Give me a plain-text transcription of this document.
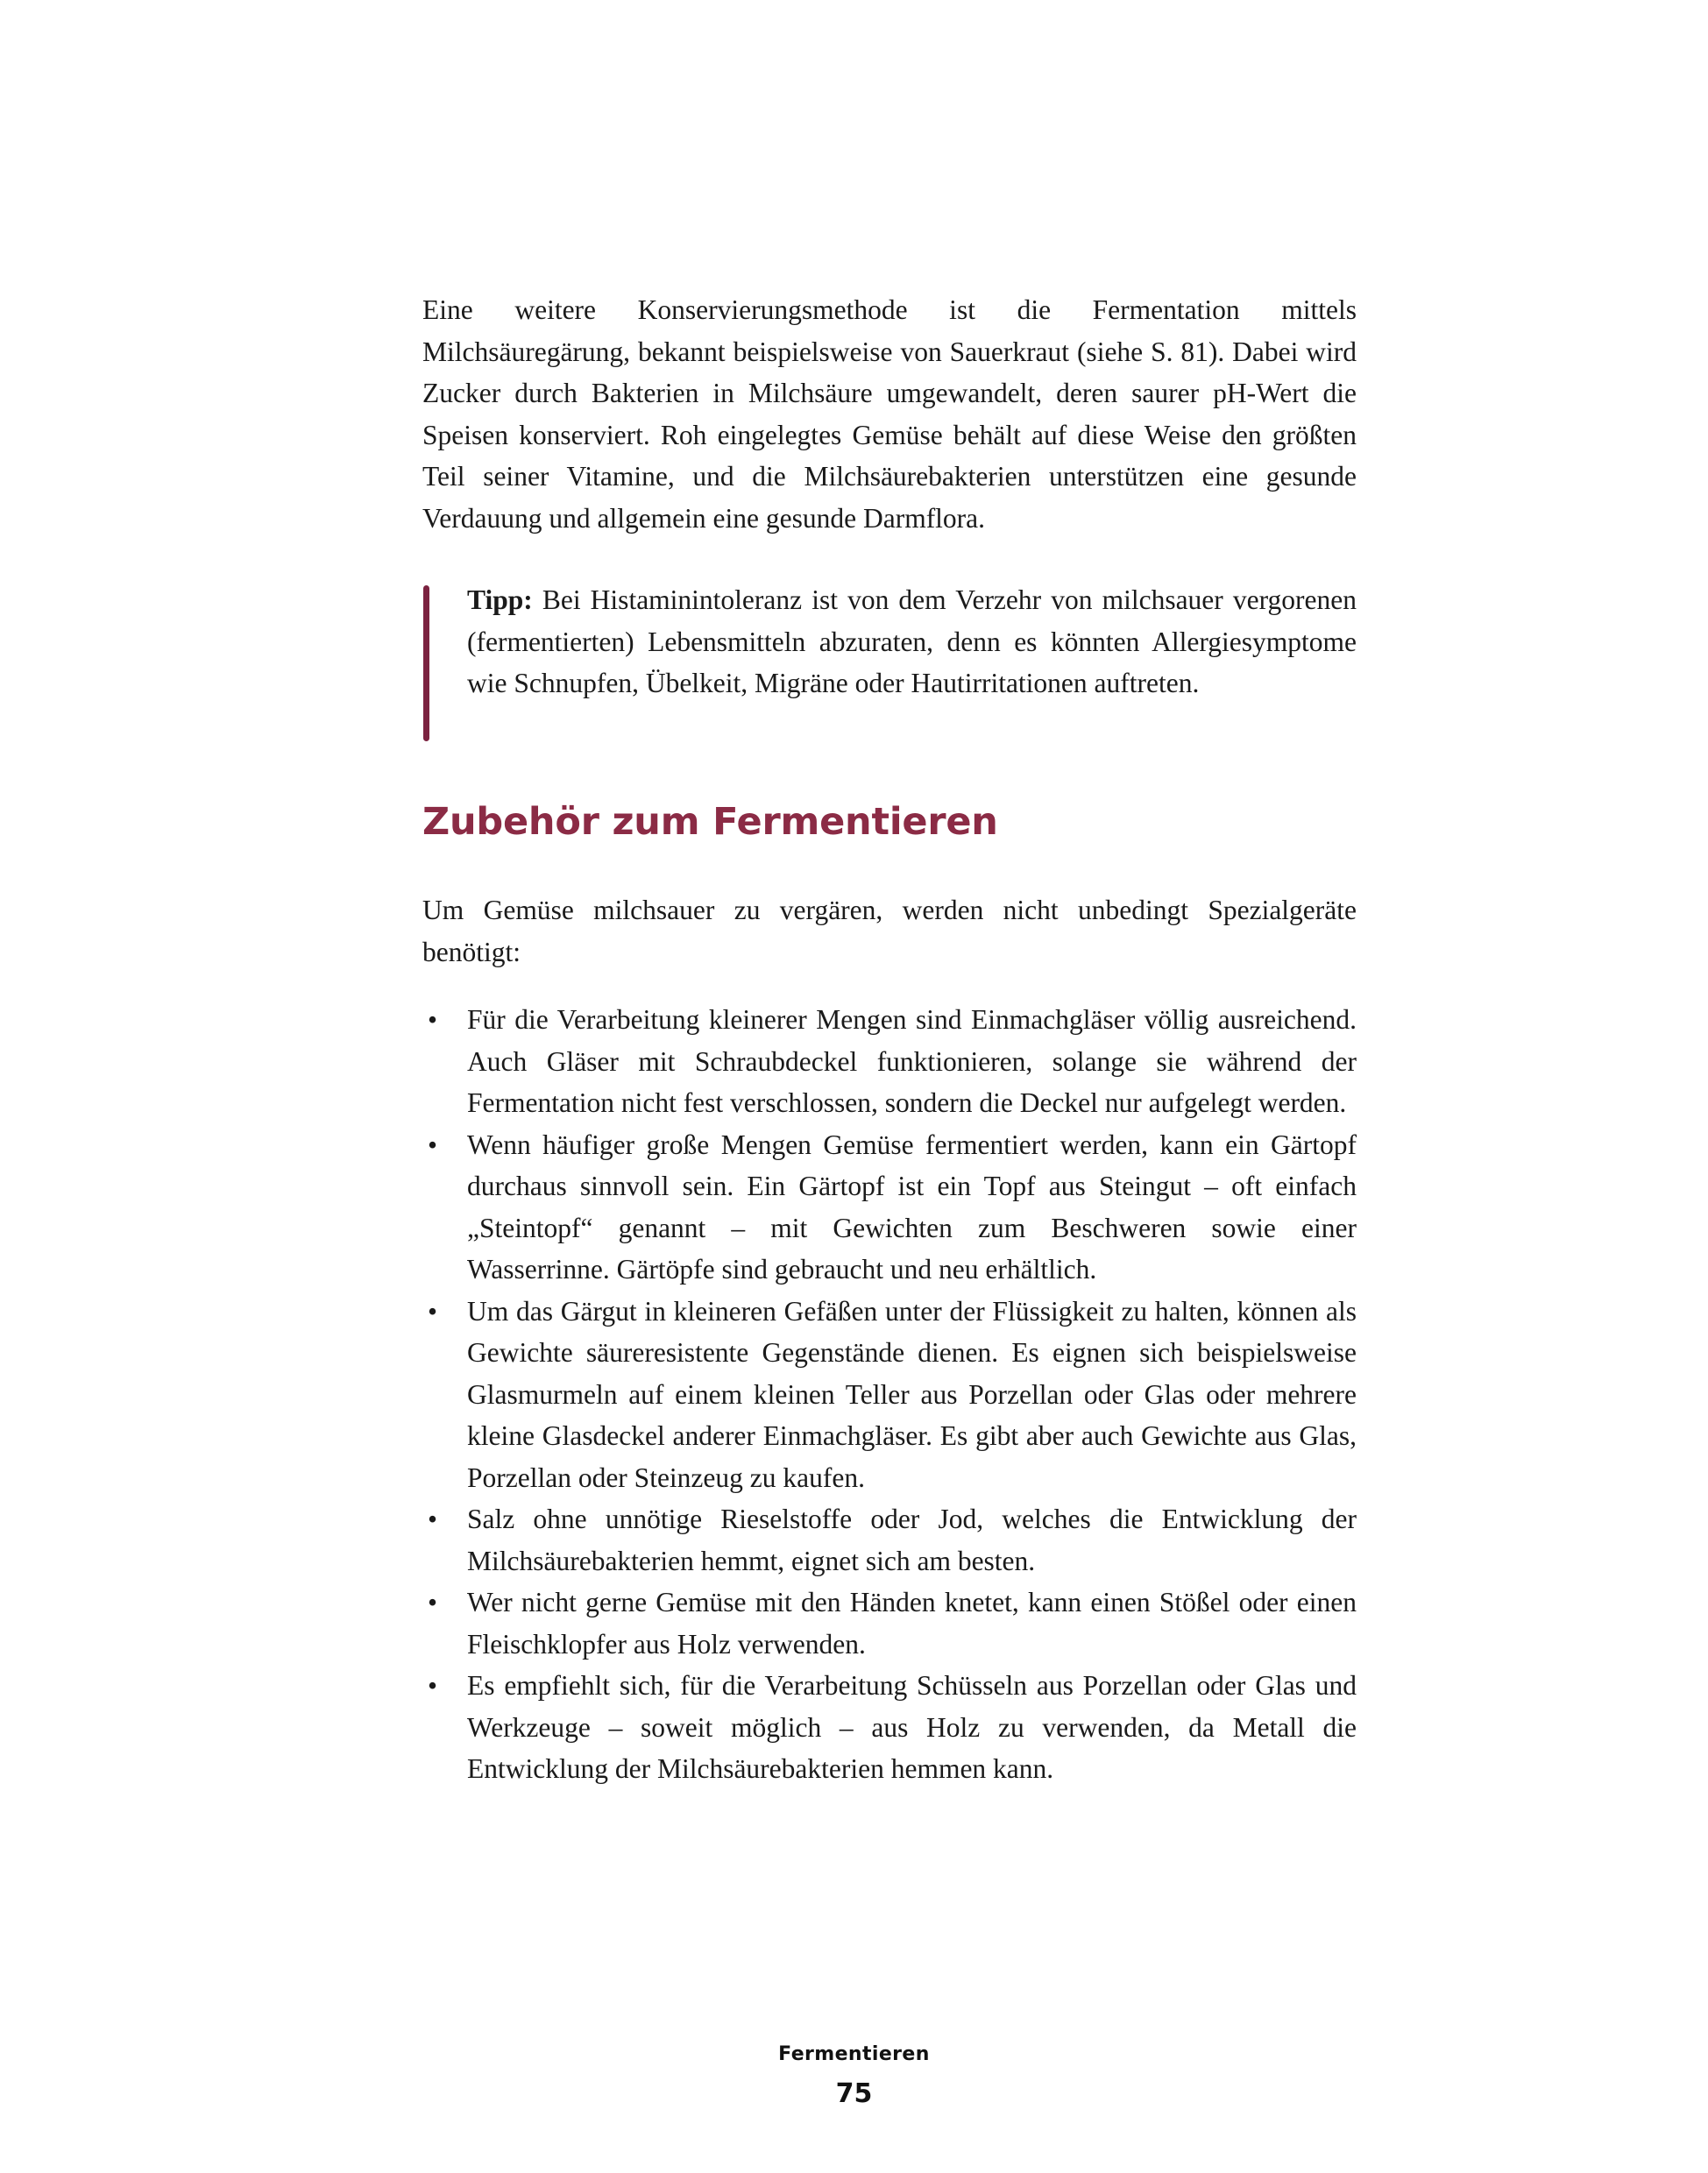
Eine weitere Konservierungsmethode ist die Fermentation mittels Milchsäuregärung, bekannt beispielsweise von Sauerkraut (siehe S. 81). Dabei wird Zucker durch Bakterien in Milchsäure umgewandelt, deren saurer pH-Wert die Speisen konserviert. Roh eingelegtes Gemüse behält auf diese Weise den größten Teil seiner Vitamine, und die Milchsäurebakterien unterstützen eine gesunde Verdauung und allgemein eine gesunde Darmflora.

Tipp: Bei Histaminintoleranz ist von dem Verzehr von milchsauer vergorenen (fermentierten) Lebensmitteln abzuraten, denn es könnten Allergiesymptome wie Schnupfen, Übelkeit, Migräne oder Hautirritationen auftreten.

Zubehör zum Fermentieren

Um Gemüse milchsauer zu vergären, werden nicht unbedingt Spezialgeräte benötigt:

• Für die Verarbeitung kleinerer Mengen sind Einmachgläser völlig ausreichend. Auch Gläser mit Schraubdeckel funktionieren, solange sie während der Fermentation nicht fest verschlossen, sondern die Deckel nur aufgelegt werden.
• Wenn häufiger große Mengen Gemüse fermentiert werden, kann ein Gärtopf durchaus sinnvoll sein. Ein Gärtopf ist ein Topf aus Steingut – oft einfach „Steintopf“ genannt – mit Gewichten zum Beschweren sowie einer Wasserrinne. Gärtöpfe sind gebraucht und neu erhältlich.
• Um das Gärgut in kleineren Gefäßen unter der Flüssigkeit zu halten, können als Gewichte säureresistente Gegenstände dienen. Es eignen sich beispielsweise Glasmurmeln auf einem kleinen Teller aus Porzellan oder Glas oder mehrere kleine Glasdeckel anderer Einmachgläser. Es gibt aber auch Gewichte aus Glas, Porzellan oder Steinzeug zu kaufen.
• Salz ohne unnötige Rieselstoffe oder Jod, welches die Entwicklung der Milchsäurebakterien hemmt, eignet sich am besten.
• Wer nicht gerne Gemüse mit den Händen knetet, kann einen Stößel oder einen Fleischklopfer aus Holz verwenden.
• Es empfiehlt sich, für die Verarbeitung Schüsseln aus Porzellan oder Glas und Werkzeuge – soweit möglich – aus Holz zu verwenden, da Metall die Entwicklung der Milchsäurebakterien hemmen kann.
Fermentieren
75
